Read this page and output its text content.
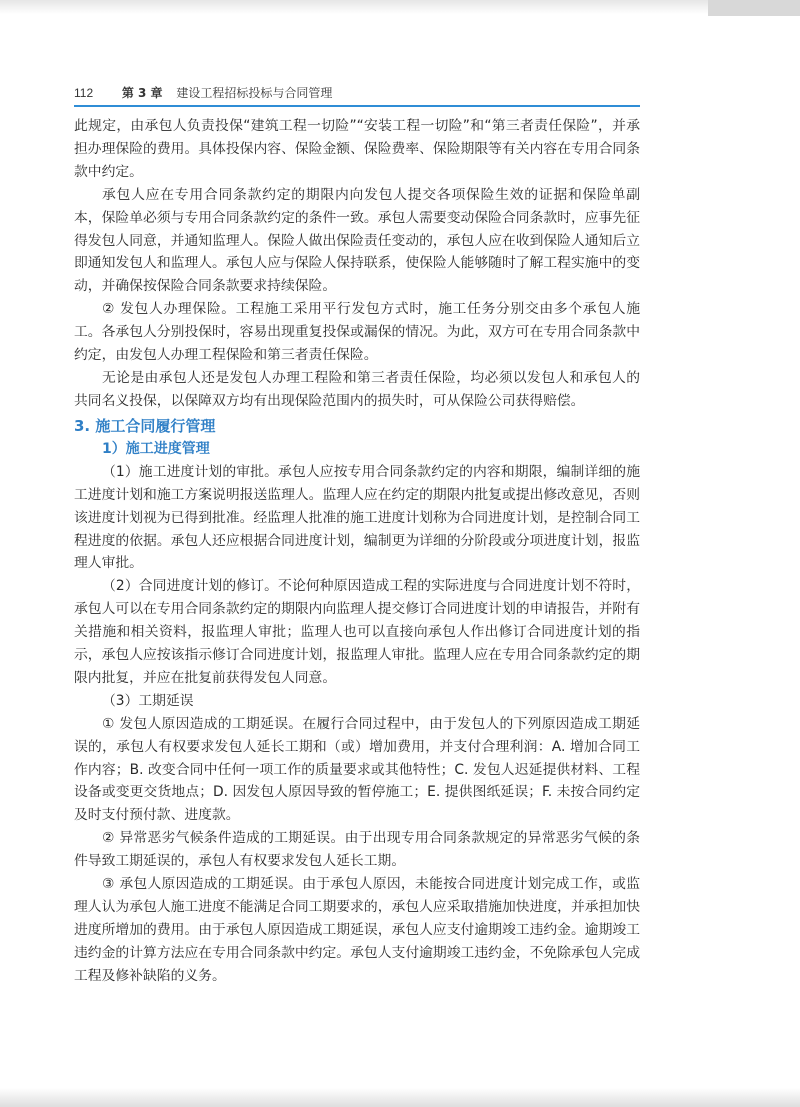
112 第 3 章 建设工程招标投标与合同管理

此规定，由承包人负责投保“建筑工程一切险”“安装工程一切险”和“第三者责任保险”，并承担办理保险的费用。具体投保内容、保险金额、保险费率、保险期限等有关内容在专用合同条款中约定。

承包人应在专用合同条款约定的期限内向发包人提交各项保险生效的证据和保险单副本，保险单必须与专用合同条款约定的条件一致。承包人需要变动保险合同条款时，应事先征得发包人同意，并通知监理人。保险人做出保险责任变动的，承包人应在收到保险人通知后立即通知发包人和监理人。承包人应与保险人保持联系，使保险人能够随时了解工程实施中的变动，并确保按保险合同条款要求持续保险。

② 发包人办理保险。工程施工采用平行发包方式时，施工任务分别交由多个承包人施工。各承包人分别投保时，容易出现重复投保或漏保的情况。为此，双方可在专用合同条款中约定，由发包人办理工程保险和第三者责任保险。

无论是由承包人还是发包人办理工程险和第三者责任保险，均必须以发包人和承包人的共同名义投保，以保障双方均有出现保险范围内的损失时，可从保险公司获得赔偿。

3. 施工合同履行管理
1）施工进度管理

（1）施工进度计划的审批。承包人应按专用合同条款约定的内容和期限，编制详细的施工进度计划和施工方案说明报送监理人。监理人应在约定的期限内批复或提出修改意见，否则该进度计划视为已得到批准。经监理人批准的施工进度计划称为合同进度计划，是控制合同工程进度的依据。承包人还应根据合同进度计划，编制更为详细的分阶段或分项进度计划，报监理人审批。

（2）合同进度计划的修订。不论何种原因造成工程的实际进度与合同进度计划不符时，承包人可以在专用合同条款约定的期限内向监理人提交修订合同进度计划的申请报告，并附有关措施和相关资料，报监理人审批；监理人也可以直接向承包人作出修订合同进度计划的指示，承包人应按该指示修订合同进度计划，报监理人审批。监理人应在专用合同条款约定的期限内批复，并应在批复前获得发包人同意。

（3）工期延误

① 发包人原因造成的工期延误。在履行合同过程中，由于发包人的下列原因造成工期延误的，承包人有权要求发包人延长工期和（或）增加费用，并支付合理利润：A. 增加合同工作内容；B. 改变合同中任何一项工作的质量要求或其他特性；C. 发包人迟延提供材料、工程设备或变更交货地点；D. 因发包人原因导致的暂停施工；E. 提供图纸延误；F. 未按合同约定及时支付预付款、进度款。

② 异常恶劣气候条件造成的工期延误。由于出现专用合同条款规定的异常恶劣气候的条件导致工期延误的，承包人有权要求发包人延长工期。

③ 承包人原因造成的工期延误。由于承包人原因，未能按合同进度计划完成工作，或监理人认为承包人施工进度不能满足合同工期要求的，承包人应采取措施加快进度，并承担加快进度所增加的费用。由于承包人原因造成工期延误，承包人应支付逾期竣工违约金。逾期竣工违约金的计算方法应在专用合同条款中约定。承包人支付逾期竣工违约金，不免除承包人完成工程及修补缺陷的义务。
